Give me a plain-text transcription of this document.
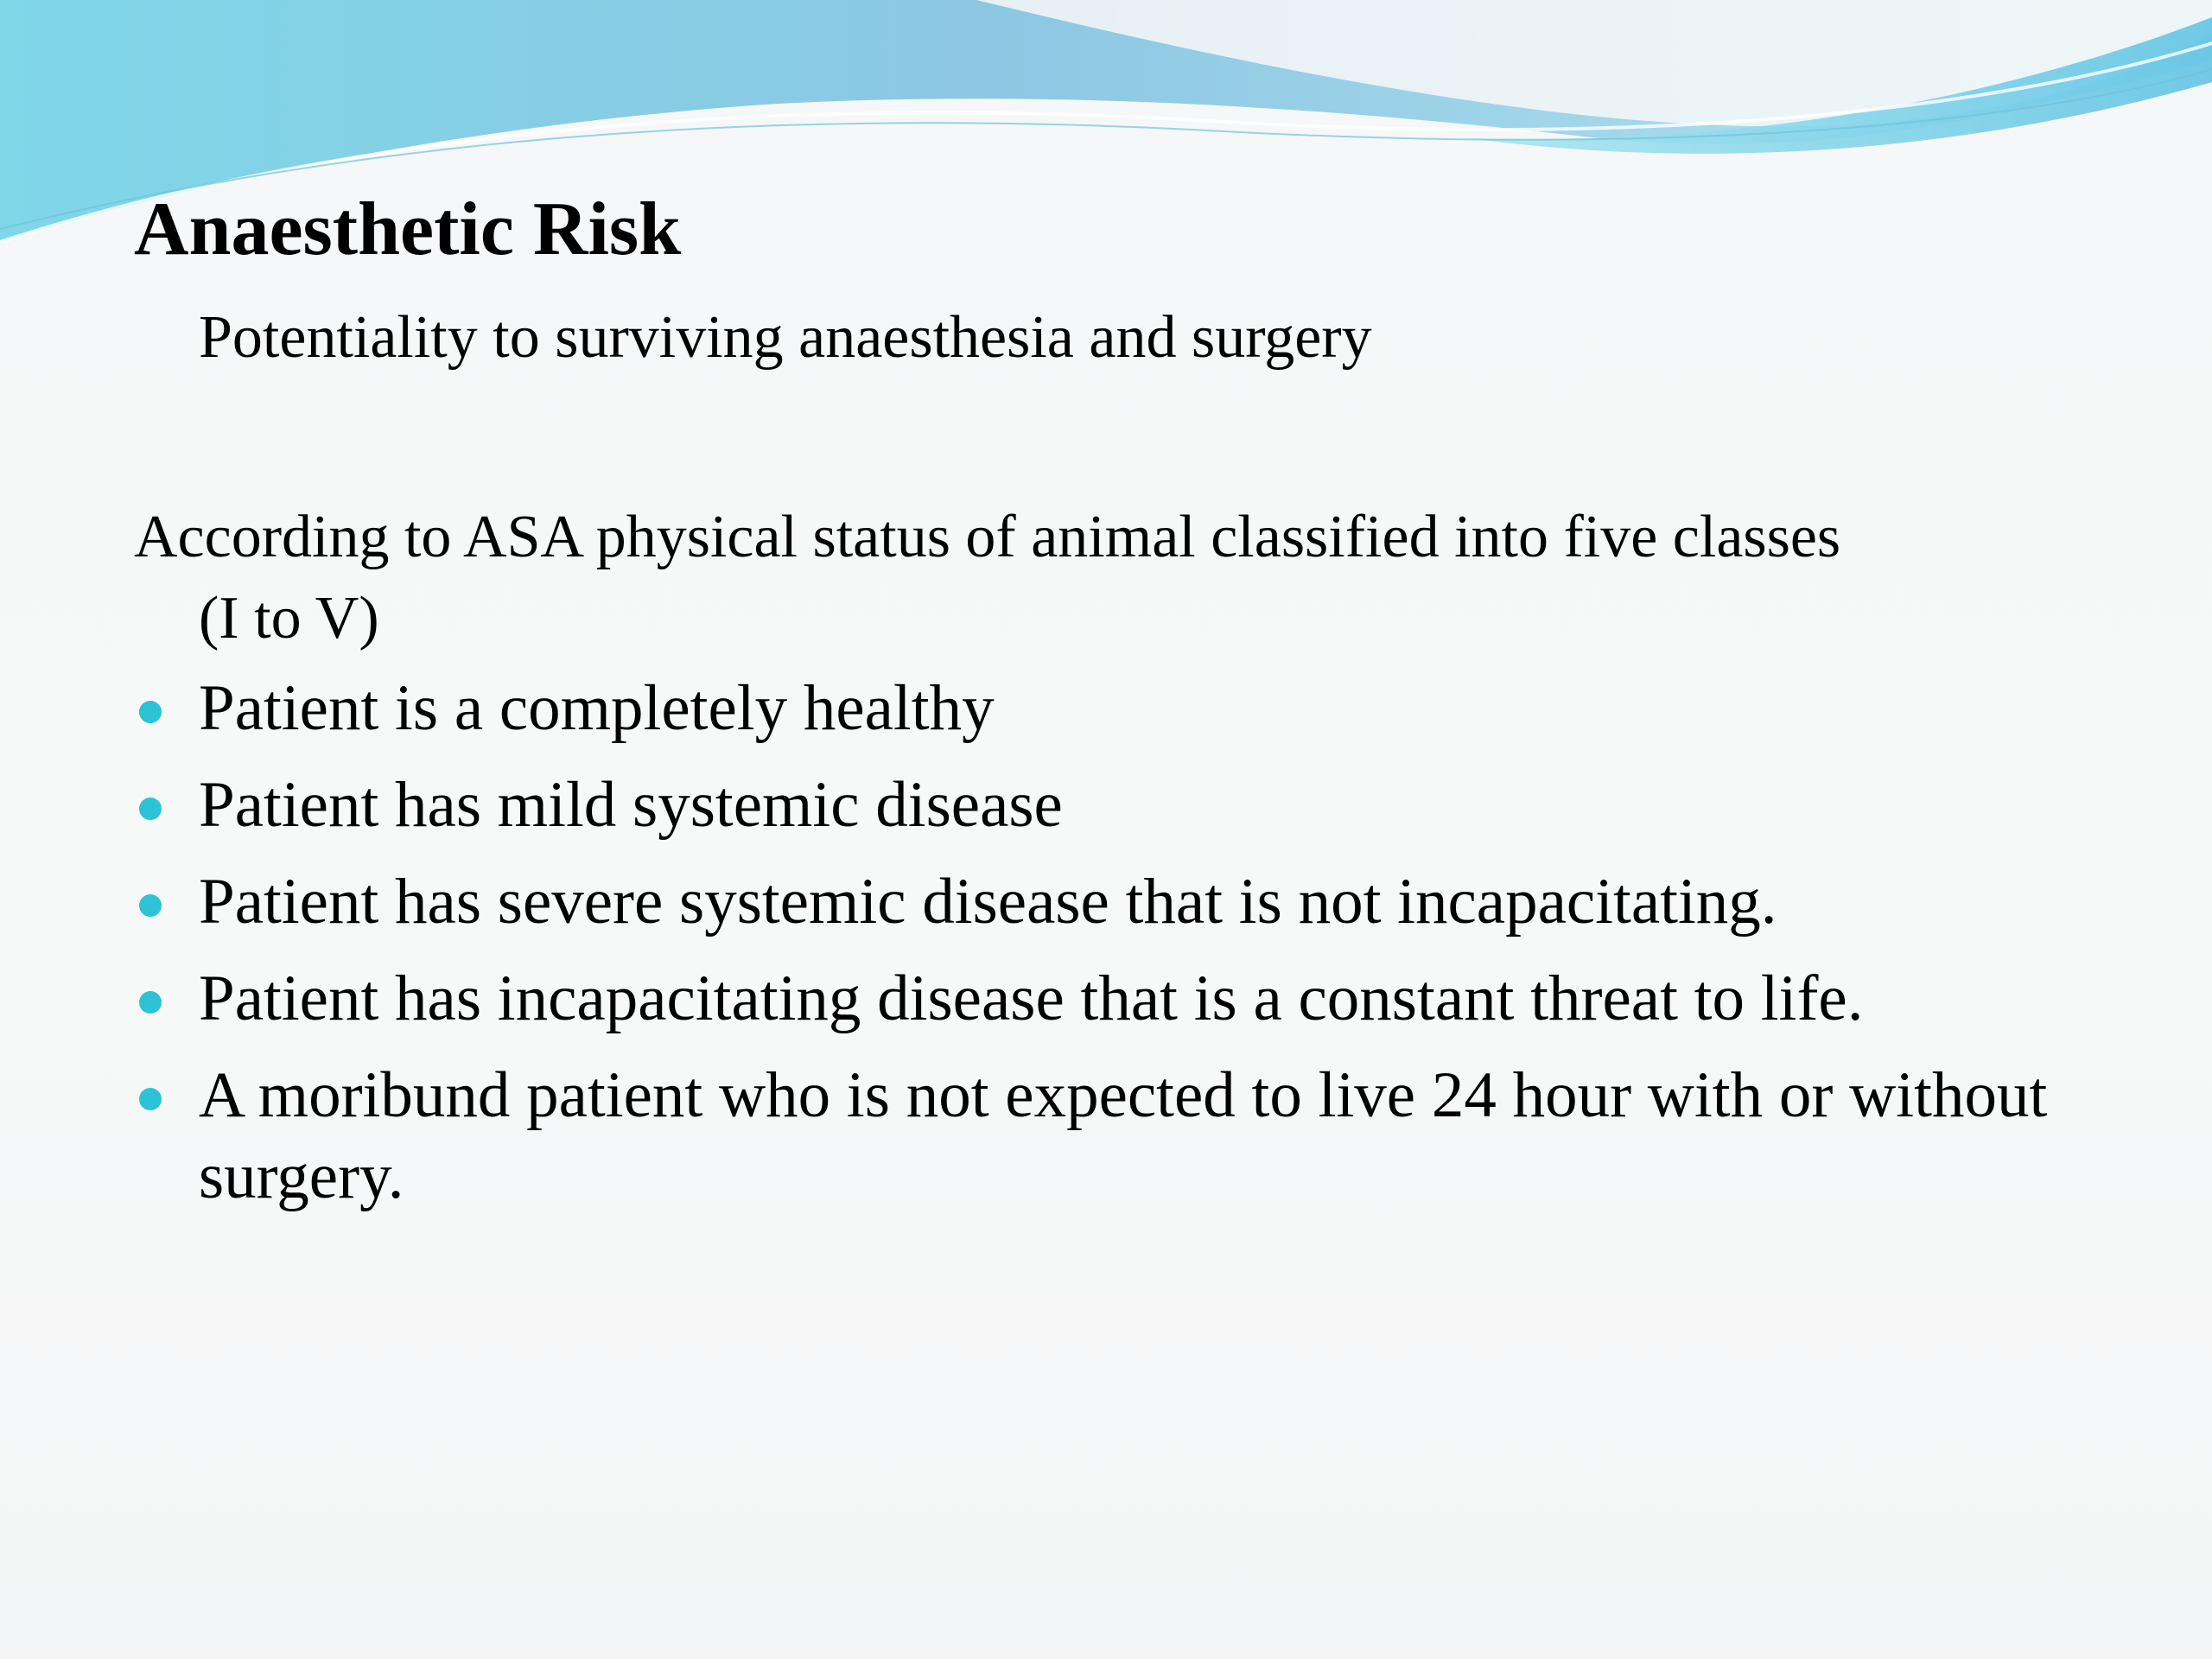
Anaesthetic Risk
Potentiality to surviving anaesthesia and surgery
According to ASA physical status of animal classified into five classes
(I to V)
Patient is a completely healthy
Patient has mild systemic disease
Patient has severe systemic disease that is not incapacitating.
Patient has incapacitating disease that is a constant threat to life.
A moribund patient who is not expected to live 24 hour with or without surgery.
